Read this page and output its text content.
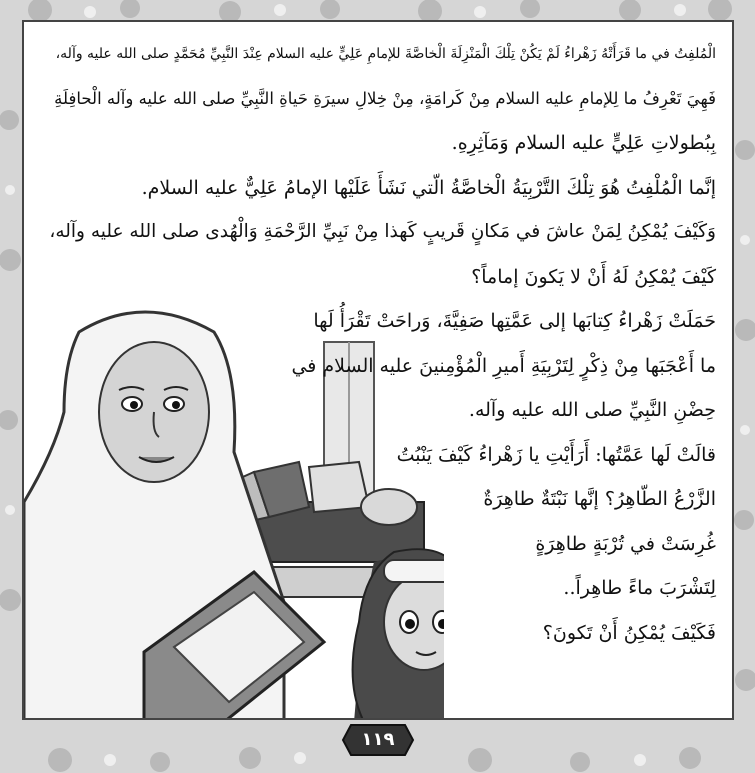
الْمُلفِتُ في ما قَرَأَتْهُ زَهْراءُ لَمْ يَكُنْ تِلْكَ الْمَنْزِلَةَ الْخاصَّةَ للإمامِ عَلِيٍّ عليه السلام عِنْدَ النَّبِيِّ مُحَمَّدٍ صلى الله عليه وآله،
فَهِيَ تَعْرِفُ ما لِلإمامِ عليه السلام مِنْ كَرامَةٍ، مِنْ خِلالِ سيرَةِ حَياةِ النَّبِيِّ صلى الله عليه وآله الْحافِلَةِ
بِبُطولاتِ عَلِيٍّ عليه السلام وَمَآثِرِهِ.
إنَّما الْمُلْفِتُ هُوَ تِلْكَ التَّرْبِيَةُ الْخاصَّةُ الّتي نَشَأَ عَلَيْها الإمامُ عَلِيٌّ عليه السلام.
وَكَيْفَ يُمْكِنُ لِمَنْ عاشَ في مَكانٍ قَريبٍ كَهذا مِنْ نَبِيِّ الرَّحْمَةِ وَالْهُدى صلى الله عليه وآله،
كَيْفَ يُمْكِنُ لَهُ أَنْ لا يَكونَ إماماً؟
حَمَلَتْ زَهْراءُ كِتابَها إلى عَمَّتِها صَفِيَّةَ، وَراحَتْ تَقْرَأُ لَها
ما أَعْجَبَها مِنْ ذِكْرٍ لِتَرْبِيَةِ أَميرِ الْمُؤْمِنينَ عليه السلام في
حِضْنِ النَّبِيِّ صلى الله عليه وآله.
قالَتْ لَها عَمَّتُها: أَرَأَيْتِ يا زَهْراءُ كَيْفَ يَنْبُتُ
الزَّرْعُ الطّاهِرُ؟ إنَّها نَبْتَةٌ طاهِرَةٌ
غُرِسَتْ في تُرْبَةٍ طاهِرَةٍ
لِتَشْرَبَ ماءً طاهِراً..
فَكَيْفَ يُمْكِنُ أَنْ تَكونَ؟
١١٩
